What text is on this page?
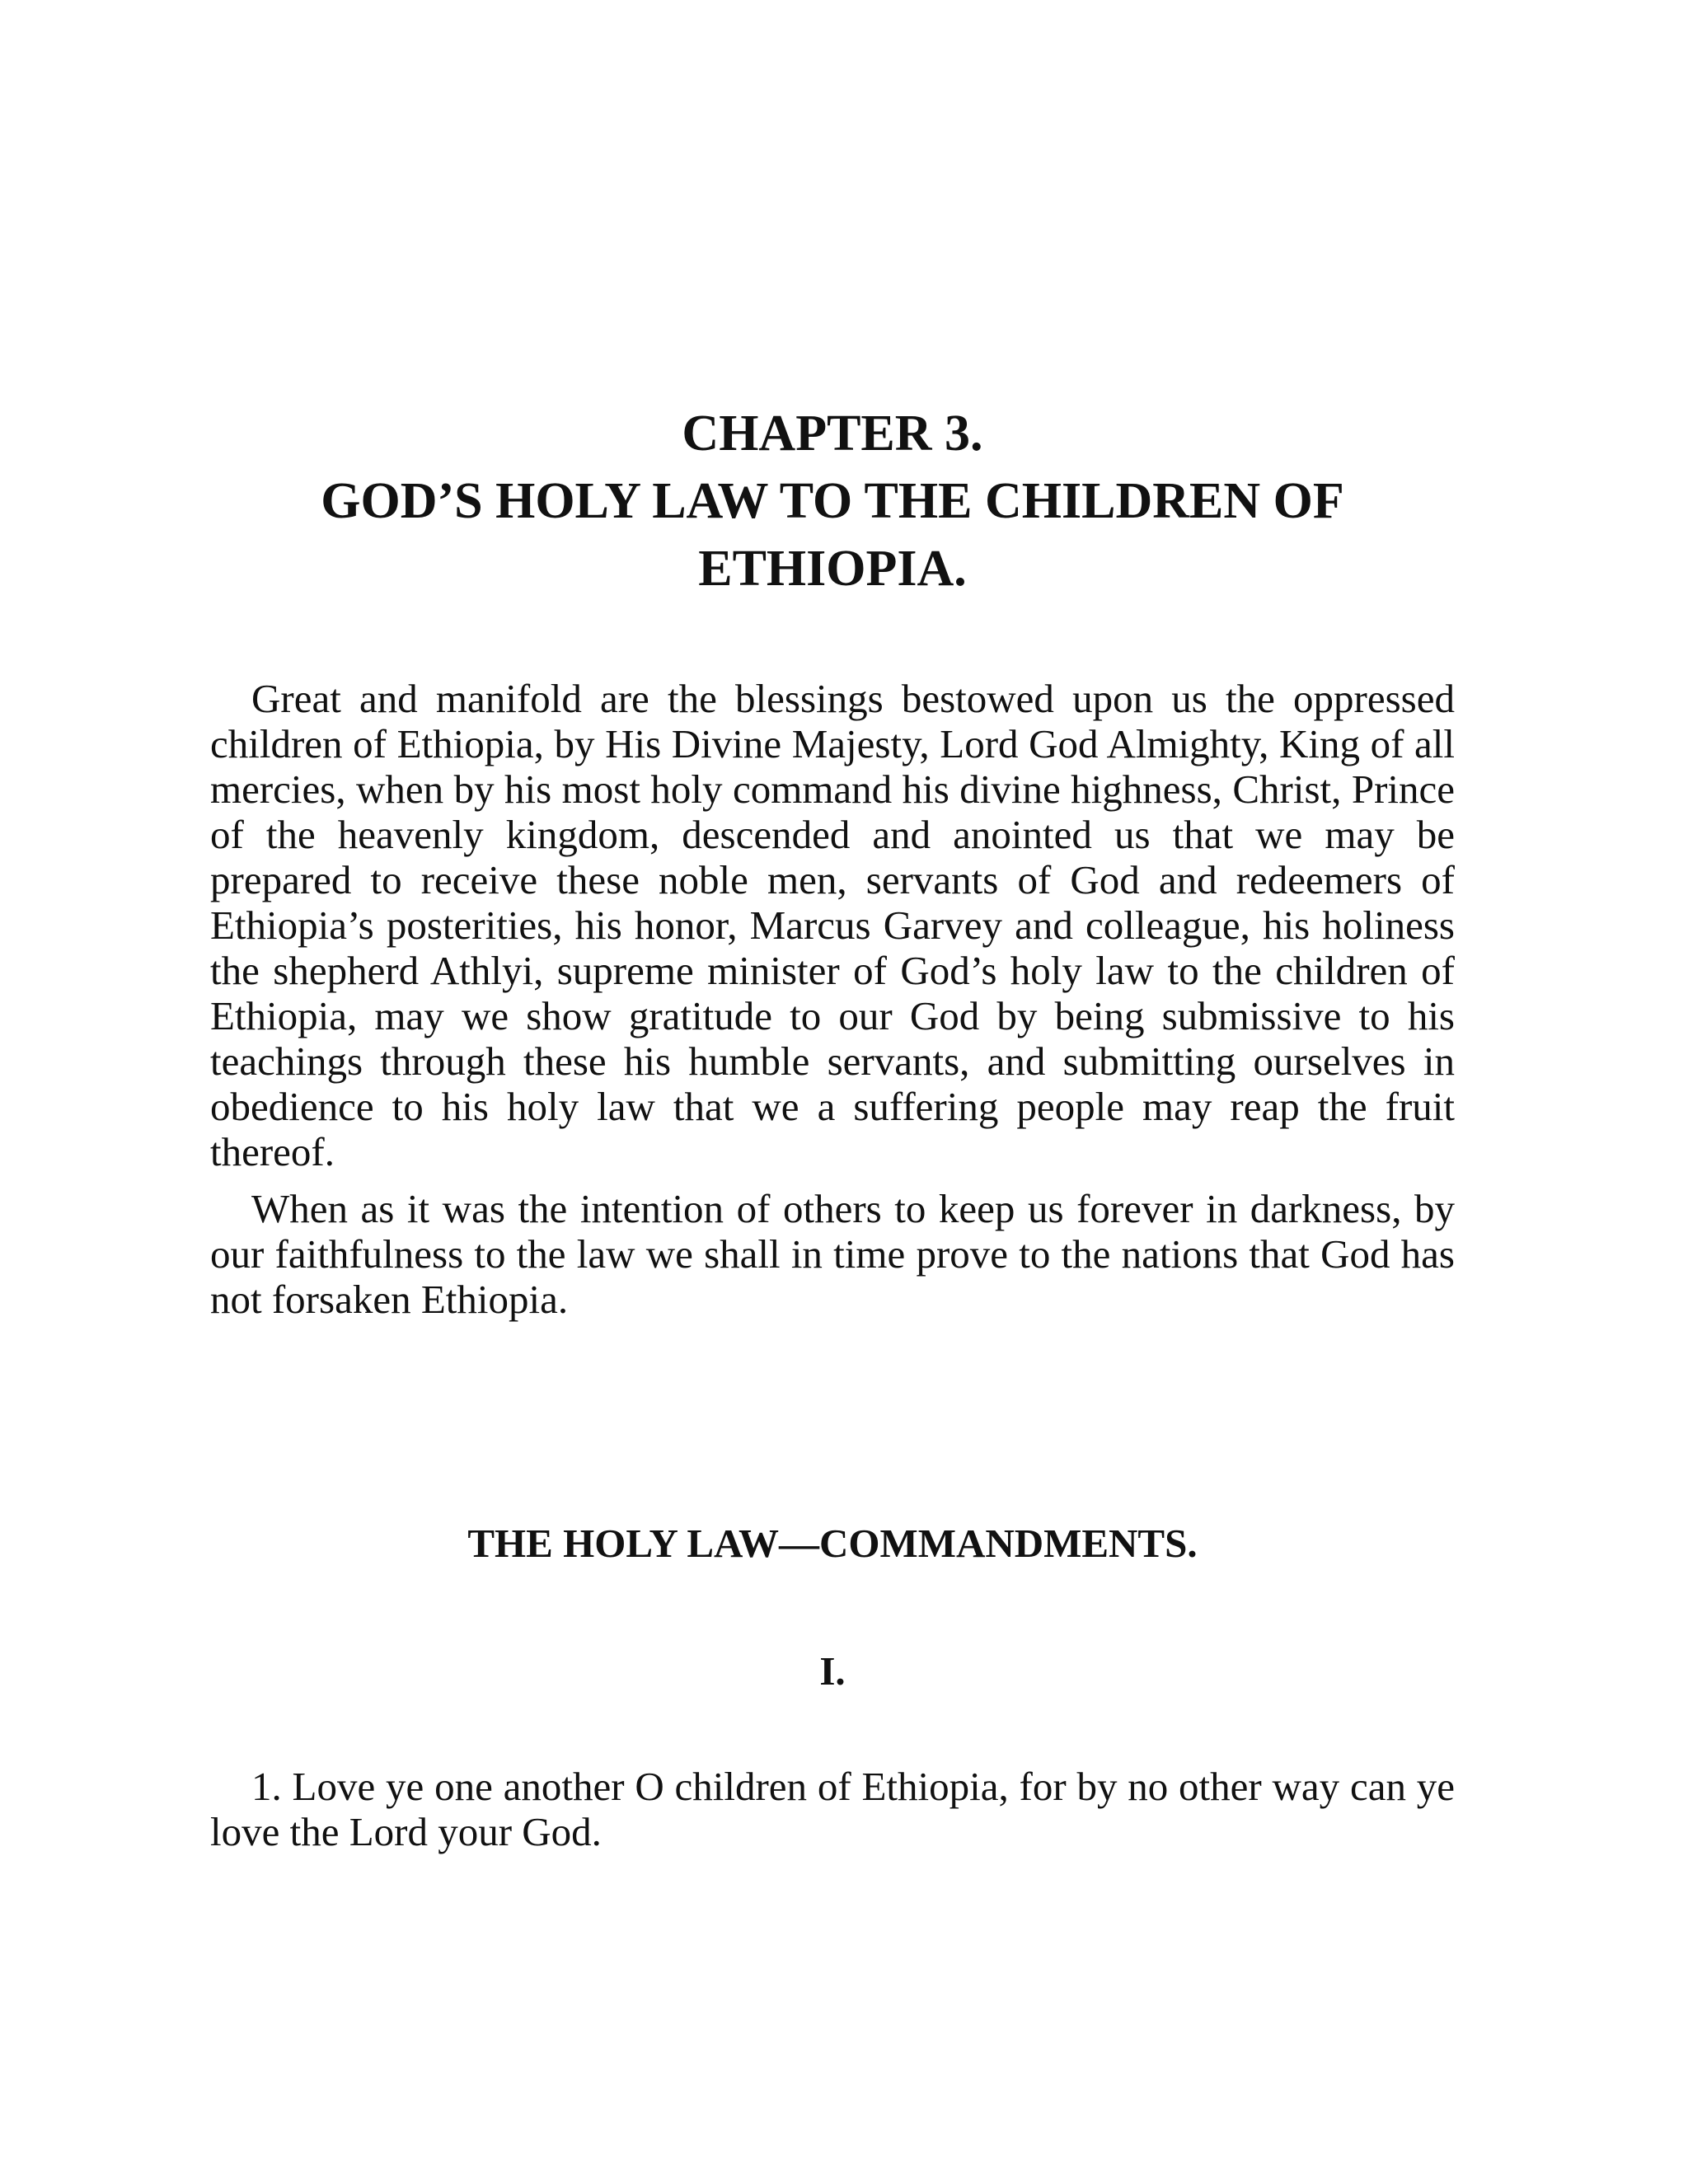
CHAPTER 3.
GOD’S HOLY LAW TO THE CHILDREN OF
ETHIOPIA.

Great and manifold are the blessings bestowed upon us the oppressed children of Ethiopia, by His Divine Majesty, Lord God Almighty, King of all mercies, when by his most holy command his divine highness, Christ, Prince of the heavenly kingdom, descended and anointed us that we may be prepared to receive these noble men, servants of God and redeemers of Ethiopia’s posterities, his honor, Marcus Garvey and colleague, his holiness the shepherd Athlyi, supreme minister of God’s holy law to the children of Ethiopia, may we show gratitude to our God by being submissive to his teachings through these his humble servants, and submitting ourselves in obedience to his holy law that we a suffering people may reap the fruit thereof.

When as it was the intention of others to keep us forever in darkness, by our faithfulness to the law we shall in time prove to the nations that God has not forsaken Ethiopia.

THE HOLY LAW—COMMANDMENTS.
I.

1. Love ye one another O children of Ethiopia, for by no other way can ye love the Lord your God.
